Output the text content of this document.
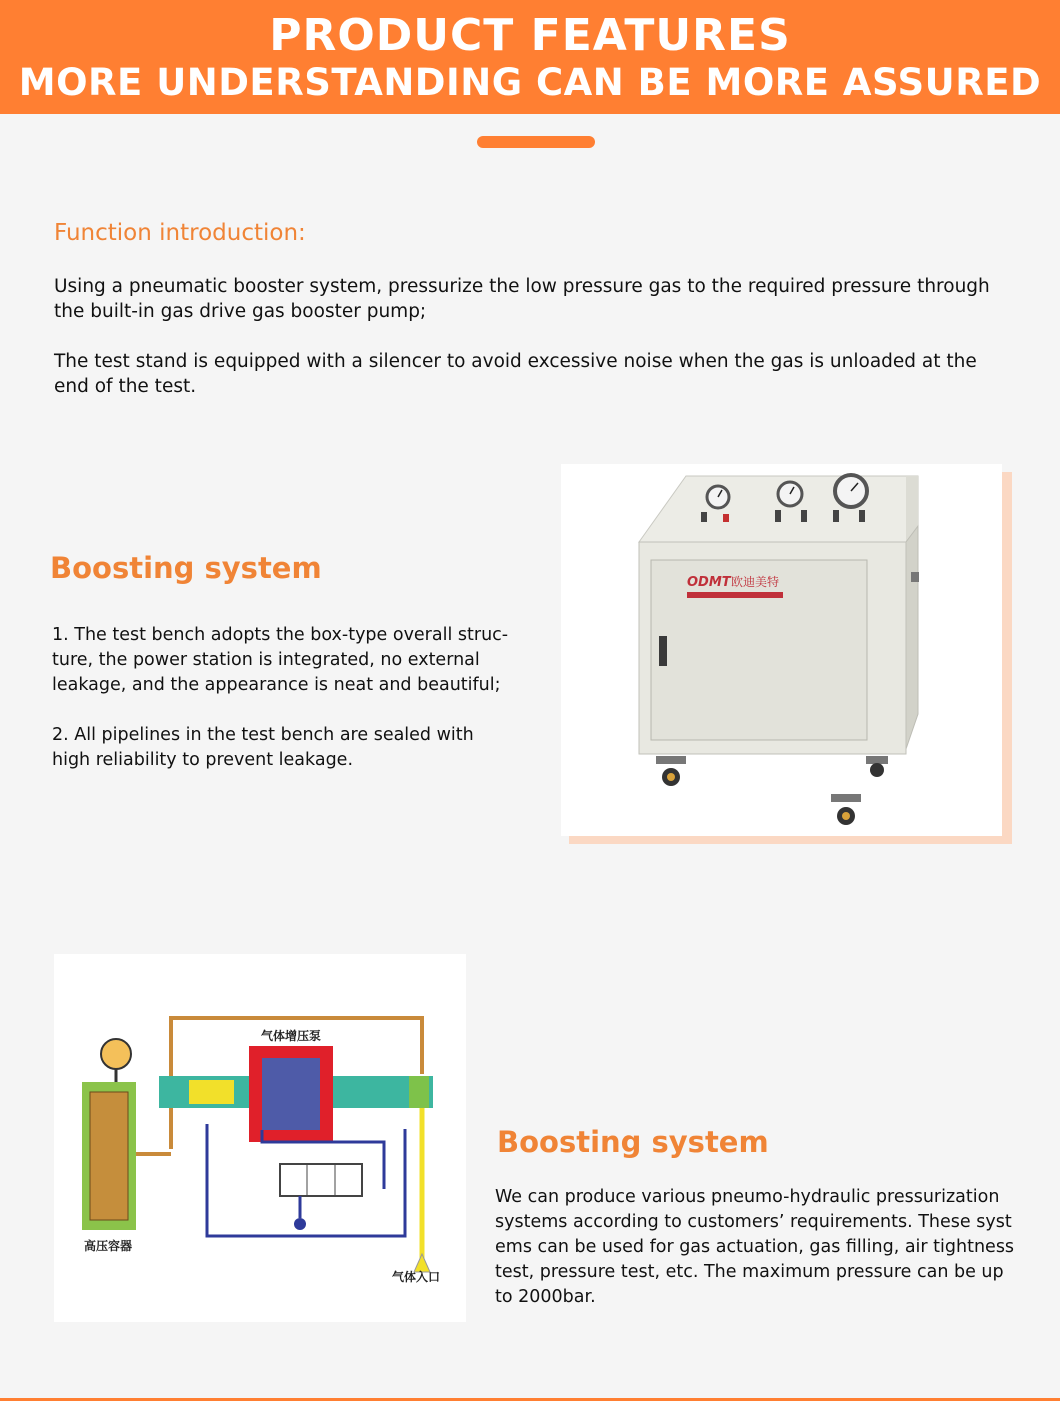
PRODUCT FEATURES
MORE UNDERSTANDING CAN BE MORE ASSURED
Function introduction:

Using a pneumatic booster system, pressurize the low pressure gas to the required pressure through the built-in gas drive gas booster pump;

The test stand is equipped with a silencer to avoid excessive noise when the gas is unloaded at the end of the test.

Boosting system

1. The test bench adopts the box-type overall struc-ture, the power station is integrated, no external leakage, and the appearance is neat and beautiful;

2. All pipelines in the test bench are sealed with high reliability to prevent leakage.

ODMT 欧迪美特
气体增压泵
高压容器
气体入口
Boosting system

We can produce various pneumo-hydraulic pressurization systems according to customers’ requirements. These syst ems can be used for gas actuation, gas filling, air tightness test, pressure test, etc. The maximum pressure can be up to 2000bar.
